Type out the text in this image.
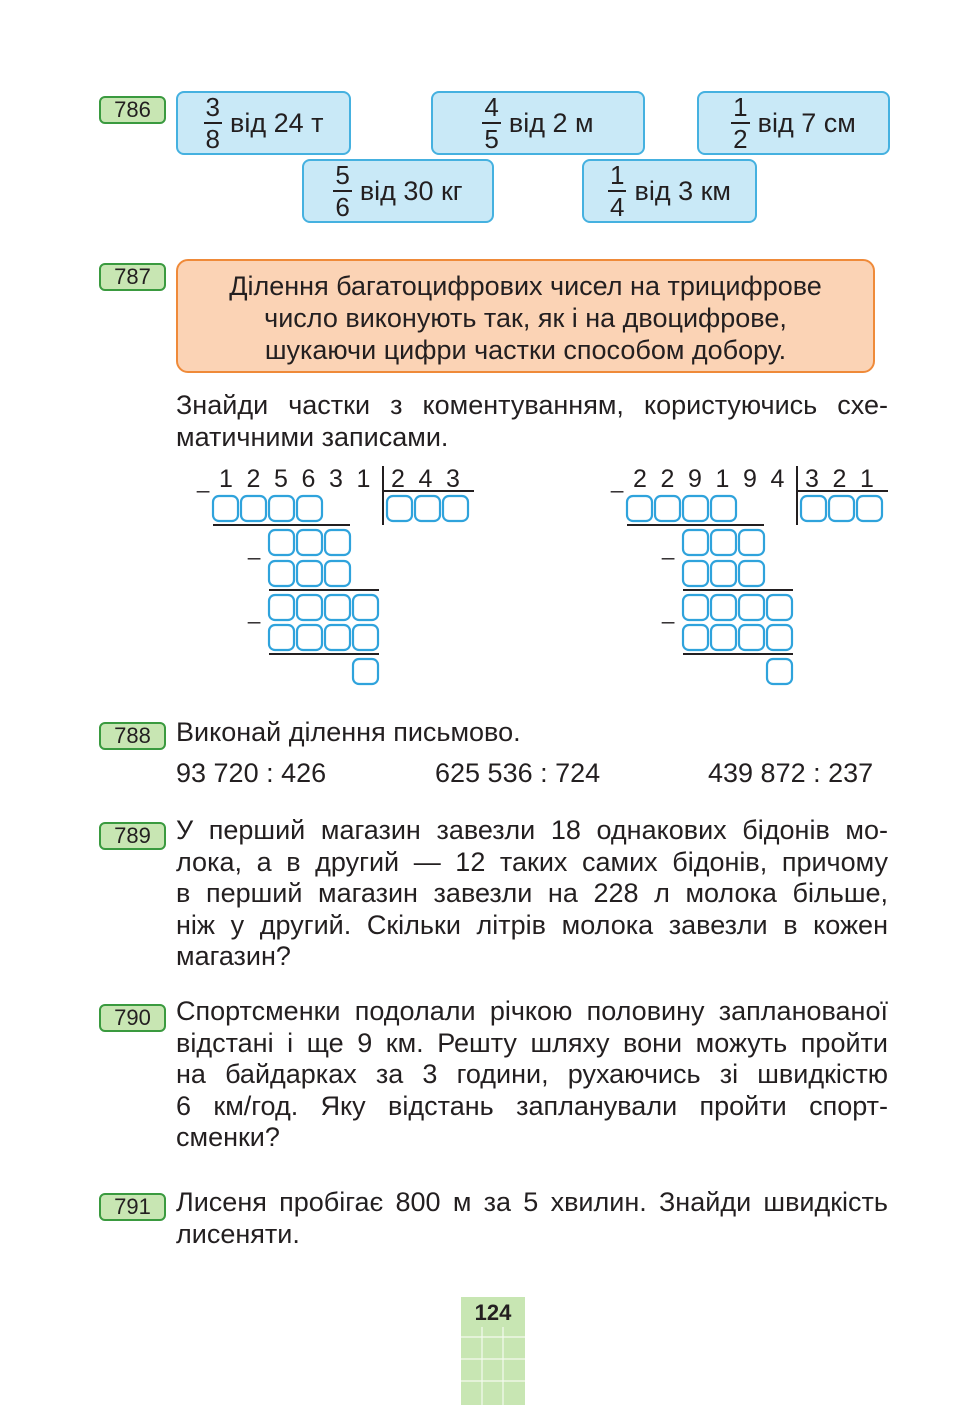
786	$\frac{3}{8}$ від 24 т	$\frac{4}{5}$ від 2 м	$\frac{1}{2}$ від 7 см
$\frac{5}{6}$ від 30 кг	$\frac{1}{4}$ від 3 км
787	Ділення багатоцифрових чисел на трицифрове
число виконують так, як і на двоцифрове,
шукаючи цифри частки способом добору.
Знайди частки з коментуванням, користуючись схе-
матичними записами.
1 2 5 6 3 1 2 4 3
_
_
_
2 2 9 1 9 4 3 2 1
_
_
_
788 Виконай ділення письмово.
93 720 : 426	625 536 : 724	439 872 : 237
789 У перший магазин завезли 18 однакових бідонів мо-
лока, а в другий — 12 таких самих бідонів, причому
в перший магазин завезли на 228 л молока більше,
ніж у другий. Скільки літрів молока завезли в кожен
магазин?
790 Спортсменки подолали річкою половину запланованої
відстані і ще 9 км. Решту шляху вони можуть пройти
на байдарках за 3 години, рухаючись зі швидкістю
6 км/год. Яку відстань запланували пройти спорт-
сменки?
791 Лисеня пробігає 800 м за 5 хвилин. Знайди швидкість
лисеняти.
124
